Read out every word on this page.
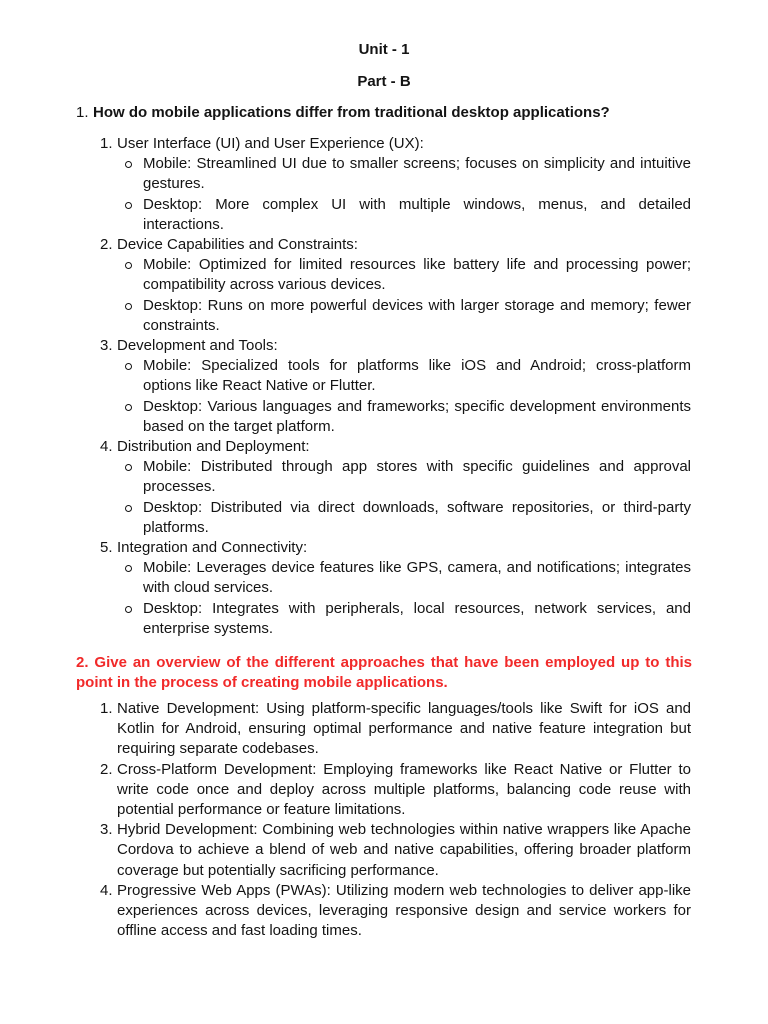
Unit - 1
Part - B
1. How do mobile applications differ from traditional desktop applications?
1. User Interface (UI) and User Experience (UX):
Mobile: Streamlined UI due to smaller screens; focuses on simplicity and intuitive gestures.
Desktop: More complex UI with multiple windows, menus, and detailed interactions.
2. Device Capabilities and Constraints:
Mobile: Optimized for limited resources like battery life and processing power; compatibility across various devices.
Desktop: Runs on more powerful devices with larger storage and memory; fewer constraints.
3. Development and Tools:
Mobile: Specialized tools for platforms like iOS and Android; cross-platform options like React Native or Flutter.
Desktop: Various languages and frameworks; specific development environments based on the target platform.
4. Distribution and Deployment:
Mobile: Distributed through app stores with specific guidelines and approval processes.
Desktop: Distributed via direct downloads, software repositories, or third-party platforms.
5. Integration and Connectivity:
Mobile: Leverages device features like GPS, camera, and notifications; integrates with cloud services.
Desktop: Integrates with peripherals, local resources, network services, and enterprise systems.
2. Give an overview of the different approaches that have been employed up to this point in the process of creating mobile applications.
1. Native Development: Using platform-specific languages/tools like Swift for iOS and Kotlin for Android, ensuring optimal performance and native feature integration but requiring separate codebases.
2. Cross-Platform Development: Employing frameworks like React Native or Flutter to write code once and deploy across multiple platforms, balancing code reuse with potential performance or feature limitations.
3. Hybrid Development: Combining web technologies within native wrappers like Apache Cordova to achieve a blend of web and native capabilities, offering broader platform coverage but potentially sacrificing performance.
4. Progressive Web Apps (PWAs): Utilizing modern web technologies to deliver app-like experiences across devices, leveraging responsive design and service workers for offline access and fast loading times.
